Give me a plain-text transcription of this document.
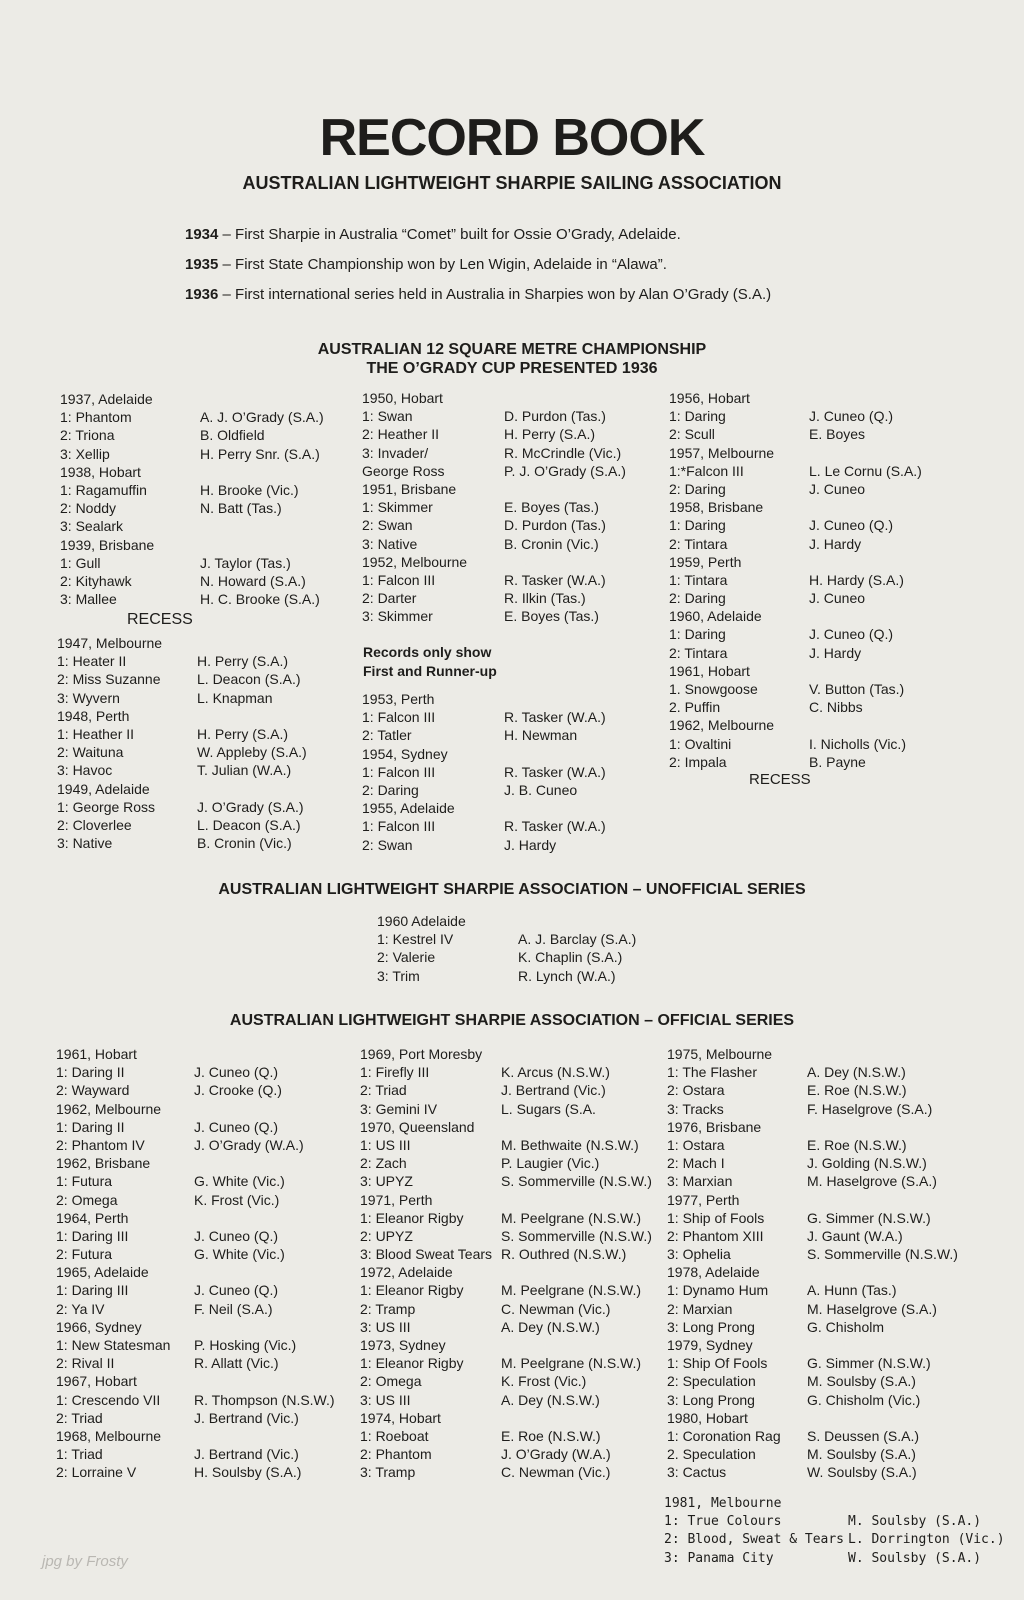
RECORD BOOK
AUSTRALIAN LIGHTWEIGHT SHARPIE SAILING ASSOCIATION
1934 – First Sharpie in Australia “Comet” built for Ossie O’Grady, Adelaide.
1935 – First State Championship won by Len Wigin, Adelaide in “Alawa”.
1936 – First international series held in Australia in Sharpies won by Alan O’Grady (S.A.)
AUSTRALIAN 12 SQUARE METRE CHAMPIONSHIP
THE O’GRADY CUP PRESENTED 1936
1937, Adelaide
1: Phantom	A. J. O’Grady (S.A.)
2: Triona	B. Oldfield
3: Xellip	H. Perry Snr. (S.A.)
1938, Hobart
1: Ragamuffin	H. Brooke (Vic.)
2: Noddy	N. Batt (Tas.)
3: Sealark
1939, Brisbane
1: Gull	J. Taylor (Tas.)
2: Kityhawk	N. Howard (S.A.)
3: Mallee	H. C. Brooke (S.A.)
RECESS
1947, Melbourne
1: Heater II	H. Perry (S.A.)
2: Miss Suzanne	L. Deacon (S.A.)
3: Wyvern	L. Knapman
1948, Perth
1: Heather II	H. Perry (S.A.)
2: Waituna	W. Appleby (S.A.)
3: Havoc	T. Julian (W.A.)
1949, Adelaide
1: George Ross	J. O’Grady (S.A.)
2: Cloverlee	L. Deacon (S.A.)
3: Native	B. Cronin (Vic.)
1950, Hobart
1: Swan	D. Purdon (Tas.)
2: Heather II	H. Perry (S.A.)
3: Invader/	R. McCrindle (Vic.)
George Ross	P. J. O’Grady (S.A.)
1951, Brisbane
1: Skimmer	E. Boyes (Tas.)
2: Swan	D. Purdon (Tas.)
3: Native	B. Cronin (Vic.)
1952, Melbourne
1: Falcon III	R. Tasker (W.A.)
2: Darter	R. Ilkin (Tas.)
3: Skimmer	E. Boyes (Tas.)
Records only show
First and Runner-up
1953, Perth
1: Falcon III	R. Tasker (W.A.)
2: Tatler	H. Newman
1954, Sydney
1: Falcon III	R. Tasker (W.A.)
2: Daring	J. B. Cuneo
1955, Adelaide
1: Falcon III	R. Tasker (W.A.)
2: Swan	J. Hardy
1956, Hobart
1: Daring	J. Cuneo (Q.)
2: Scull	E. Boyes
1957, Melbourne
1:*Falcon III	L. Le Cornu (S.A.)
2: Daring	J. Cuneo
1958, Brisbane
1: Daring	J. Cuneo (Q.)
2: Tintara	J. Hardy
1959, Perth
1: Tintara	H. Hardy (S.A.)
2: Daring	J. Cuneo
1960, Adelaide
1: Daring	J. Cuneo (Q.)
2: Tintara	J. Hardy
1961, Hobart
1. Snowgoose	V. Button (Tas.)
2. Puffin	C. Nibbs
1962, Melbourne
1: Ovaltini	I. Nicholls (Vic.)
2: Impala	B. Payne
RECESS
AUSTRALIAN LIGHTWEIGHT SHARPIE ASSOCIATION – UNOFFICIAL SERIES
1960 Adelaide
1: Kestrel IV	A. J. Barclay (S.A.)
2: Valerie	K. Chaplin (S.A.)
3: Trim	R. Lynch (W.A.)
AUSTRALIAN LIGHTWEIGHT SHARPIE ASSOCIATION – OFFICIAL SERIES
1961, Hobart
1: Daring II	J. Cuneo (Q.)
2: Wayward	J. Crooke (Q.)
1962, Melbourne
1: Daring II	J. Cuneo (Q.)
2: Phantom IV	J. O’Grady (W.A.)
1962, Brisbane
1: Futura	G. White (Vic.)
2: Omega	K. Frost (Vic.)
1964, Perth
1: Daring III	J. Cuneo (Q.)
2: Futura	G. White (Vic.)
1965, Adelaide
1: Daring III	J. Cuneo (Q.)
2: Ya IV	F. Neil (S.A.)
1966, Sydney
1: New Statesman P. Hosking (Vic.)
2: Rival II	R. Allatt (Vic.)
1967, Hobart
1: Crescendo VII R. Thompson (N.S.W.)
2: Triad	J. Bertrand (Vic.)
1968, Melbourne
1: Triad	J. Bertrand (Vic.)
2: Lorraine V	H. Soulsby (S.A.)
1969, Port Moresby
1: Firefly III	K. Arcus (N.S.W.)
2: Triad	J. Bertrand (Vic.)
3: Gemini IV	L. Sugars (S.A.
1970, Queensland
1: US III	M. Bethwaite (N.S.W.)
2: Zach	P. Laugier (Vic.)
3: UPYZ	S. Sommerville (N.S.W.)
1971, Perth
1: Eleanor Rigby	M. Peelgrane (N.S.W.)
2: UPYZ	S. Sommerville (N.S.W.)
3: Blood Sweat Tears R. Outhred (N.S.W.)
1972, Adelaide
1: Eleanor Rigby	M. Peelgrane (N.S.W.)
2: Tramp	C. Newman (Vic.)
3: US III	A. Dey (N.S.W.)
1973, Sydney
1: Eleanor Rigby	M. Peelgrane (N.S.W.)
2: Omega	K. Frost (Vic.)
3: US III	A. Dey (N.S.W.)
1974, Hobart
1: Roeboat	E. Roe (N.S.W.)
2: Phantom	J. O’Grady (W.A.)
3: Tramp	C. Newman (Vic.)
1975, Melbourne
1: The Flasher	A. Dey (N.S.W.)
2: Ostara	E. Roe (N.S.W.)
3: Tracks	F. Haselgrove (S.A.)
1976, Brisbane
1: Ostara	E. Roe (N.S.W.)
2: Mach I	J. Golding (N.S.W.)
3: Marxian	M. Haselgrove (S.A.)
1977, Perth
1: Ship of Fools	G. Simmer (N.S.W.)
2: Phantom XIII	J. Gaunt (W.A.)
3: Ophelia	S. Sommerville (N.S.W.)
1978, Adelaide
1: Dynamo Hum	A. Hunn (Tas.)
2: Marxian	M. Haselgrove (S.A.)
3: Long Prong	G. Chisholm
1979, Sydney
1: Ship Of Fools	G. Simmer (N.S.W.)
2: Speculation	M. Soulsby (S.A.)
3: Long Prong	G. Chisholm (Vic.)
1980, Hobart
1: Coronation Rag S. Deussen (S.A.)
2. Speculation	M. Soulsby (S.A.)
3: Cactus	W. Soulsby (S.A.)
1981, Melbourne
1: True Colours	M. Soulsby (S.A.)
2: Blood, Sweat & Tears L. Dorrington (Vic.)
3: Panama City	W. Soulsby (S.A.)
jpg by Frosty
